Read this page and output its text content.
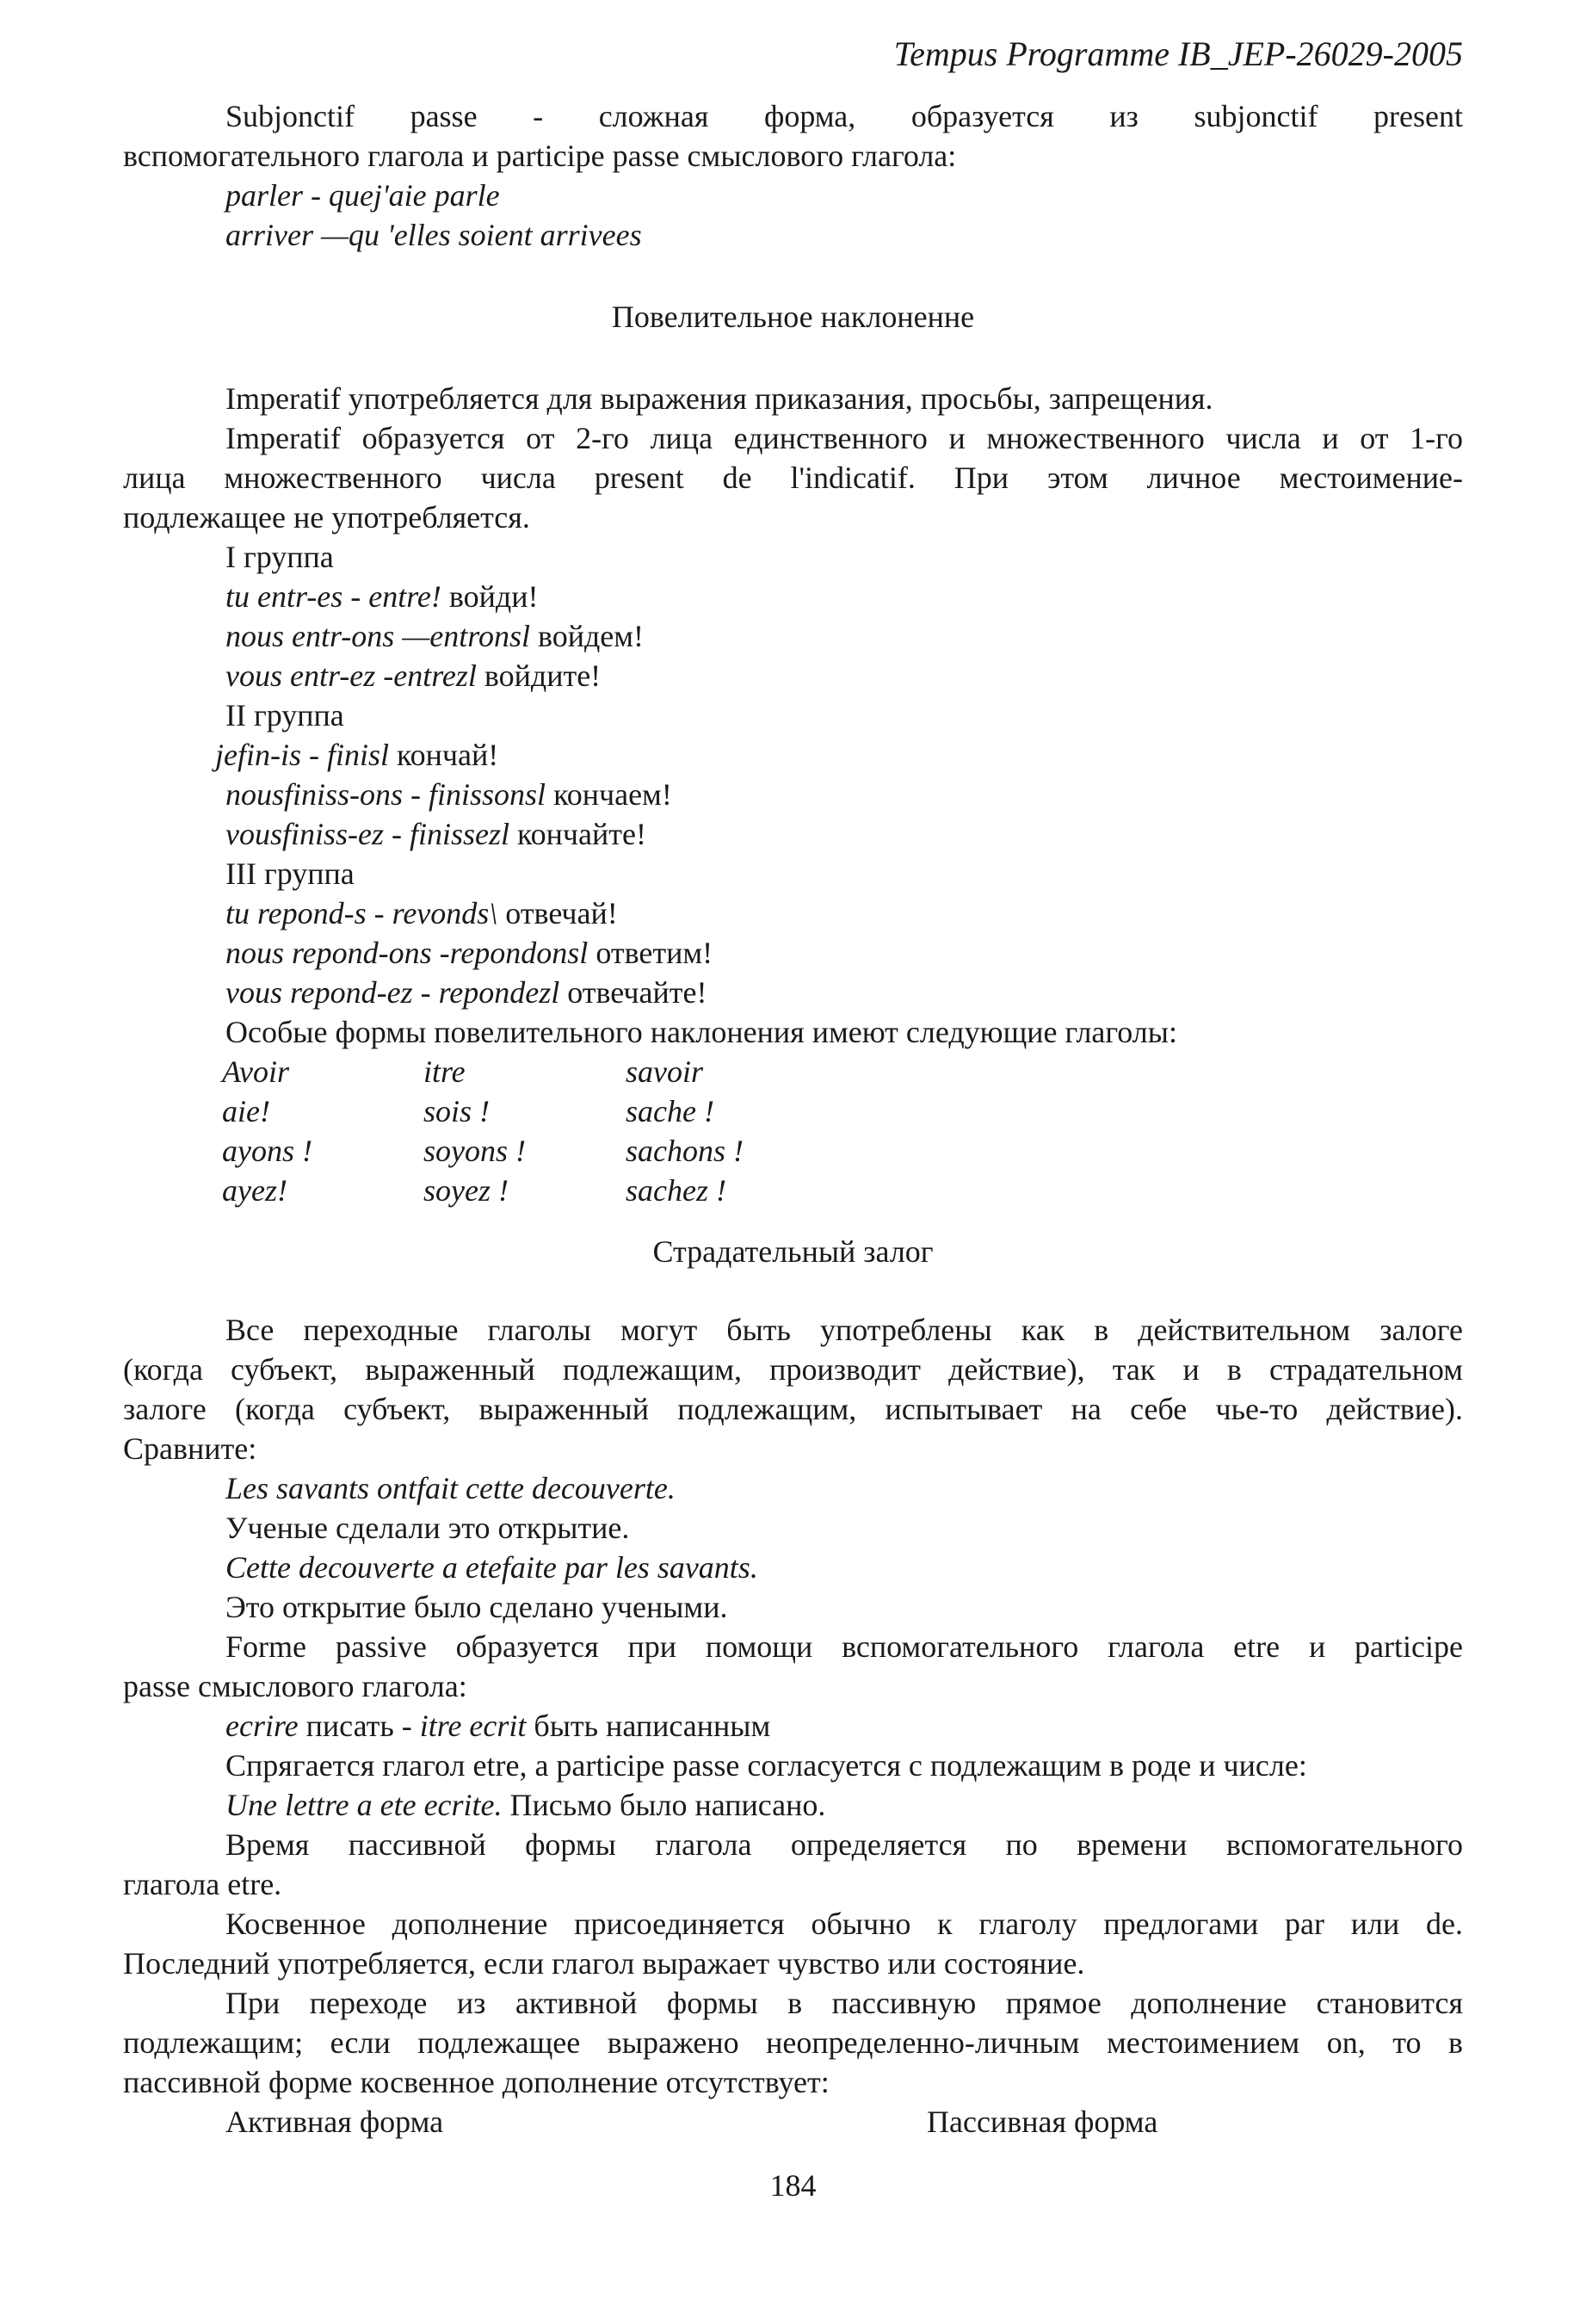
Tempus Programme IB_JEP-26029-2005
Subjonctif passe - сложная форма, образуется из subjonctif present
вспомогательного глагола и participe passe смыслового глагола:
parler - quej'aie parle
arriver —qu 'elles soient arrivees
Повелительное наклоненне
Imperatif употребляется для выражения приказания, просьбы, запрещения.
Imperatif образуется от 2-го лица единственного и множественного числа и от 1-го
лица множественного числа present de l'indicatif. При этом личное местоимение-
подлежащее не употребляется.
I группа
tu entr-es - entre! войди!
nous entr-ons —entronsl войдем!
vous entr-ez -entrezl войдите!
II группа
jefin-is - finisl кончай!
nousfiniss-ons - finissonsl кончаем!
vousfiniss-ez - finissezl кончайте!
III группа
tu repond-s - revonds\ отвечай!
nous repond-ons -repondonsl ответим!
vous repond-ez - repondezl отвечайте!
Особые формы повелительного наклонения имеют следующие глаголы:
Avoir
aie!
ayons !
ayez!
itre
sois !
soyons !
soyez !
savoir
sache !
sachons !
sachez !
Страдательный залог
Все переходные глаголы могут быть употреблены как в действительном залоге
(когда субъект, выраженный подлежащим, производит действие), так и в страдательном
залоге (когда субъект, выраженный подлежащим, испытывает на себе чье-то действие).
Сравните:
Les savants ontfait cette decouverte.
Ученые сделали это открытие.
Cette decouverte a etefaite par les savants.
Это открытие было сделано учеными.
Forme passive образуется при помощи вспомогательного глагола etre и participe
passe смыслового глагола:
ecrire писать - itre ecrit быть написанным
Спрягается глагол etre, a participe passe согласуется с подлежащим в роде и числе:
Une lettre a ete ecrite. Письмо было написано.
Время пассивной формы глагола определяется по времени вспомогательного
глагола etre.
Косвенное дополнение присоединяется обычно к глаголу предлогами par или de.
Последний употребляется, если глагол выражает чувство или состояние.
При переходе из активной формы в пассивную прямое дополнение становится
подлежащим; если подлежащее выражено неопределенно-личным местоимением on, то в
пассивной форме косвенное дополнение отсутствует:
Активная форма	Пассивная форма
184
